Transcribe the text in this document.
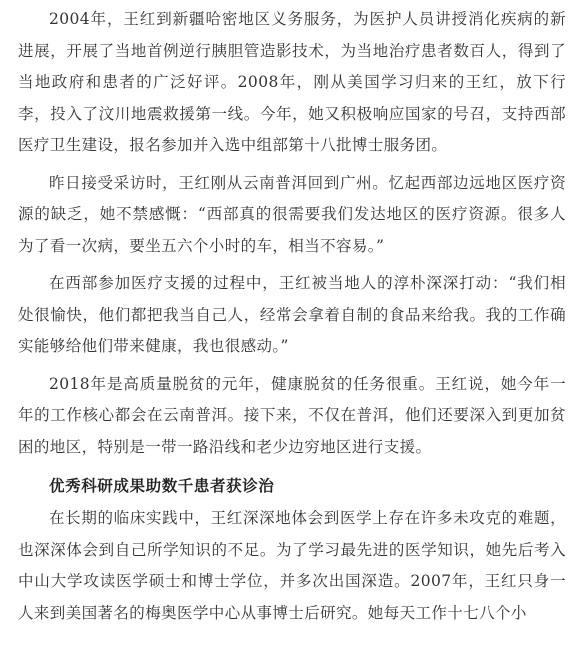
2004年，王红到新疆哈密地区义务服务，为医护人员讲授消化疾病的新进展，开展了当地首例逆行胰胆管造影技术，为当地治疗患者数百人，得到了当地政府和患者的广泛好评。2008年，刚从美国学习归来的王红，放下行李，投入了汶川地震救援第一线。今年，她又积极响应国家的号召，支持西部医疗卫生建设，报名参加并入选中组部第十八批博士服务团。

昨日接受采访时，王红刚从云南普洱回到广州。忆起西部边远地区医疗资源的缺乏，她不禁感慨：“西部真的很需要我们发达地区的医疗资源。很多人为了看一次病，要坐五六个小时的车，相当不容易。”

在西部参加医疗支援的过程中，王红被当地人的淳朴深深打动：“我们相处很愉快，他们都把我当自己人，经常会拿着自制的食品来给我。我的工作确实能够给他们带来健康，我也很感动。”

2018年是高质量脱贫的元年，健康脱贫的任务很重。王红说，她今年一年的工作核心都会在云南普洱。接下来，不仅在普洱，他们还要深入到更加贫困的地区，特别是一带一路沿线和老少边穷地区进行支援。

优秀科研成果助数千患者获诊治

在长期的临床实践中，王红深深地体会到医学上存在许多未攻克的难题，也深深体会到自己所学知识的不足。为了学习最先进的医学知识，她先后考入中山大学攻读医学硕士和博士学位，并多次出国深造。2007年，王红只身一人来到美国著名的梅奥医学中心从事博士后研究。她每天工作十七八个小
